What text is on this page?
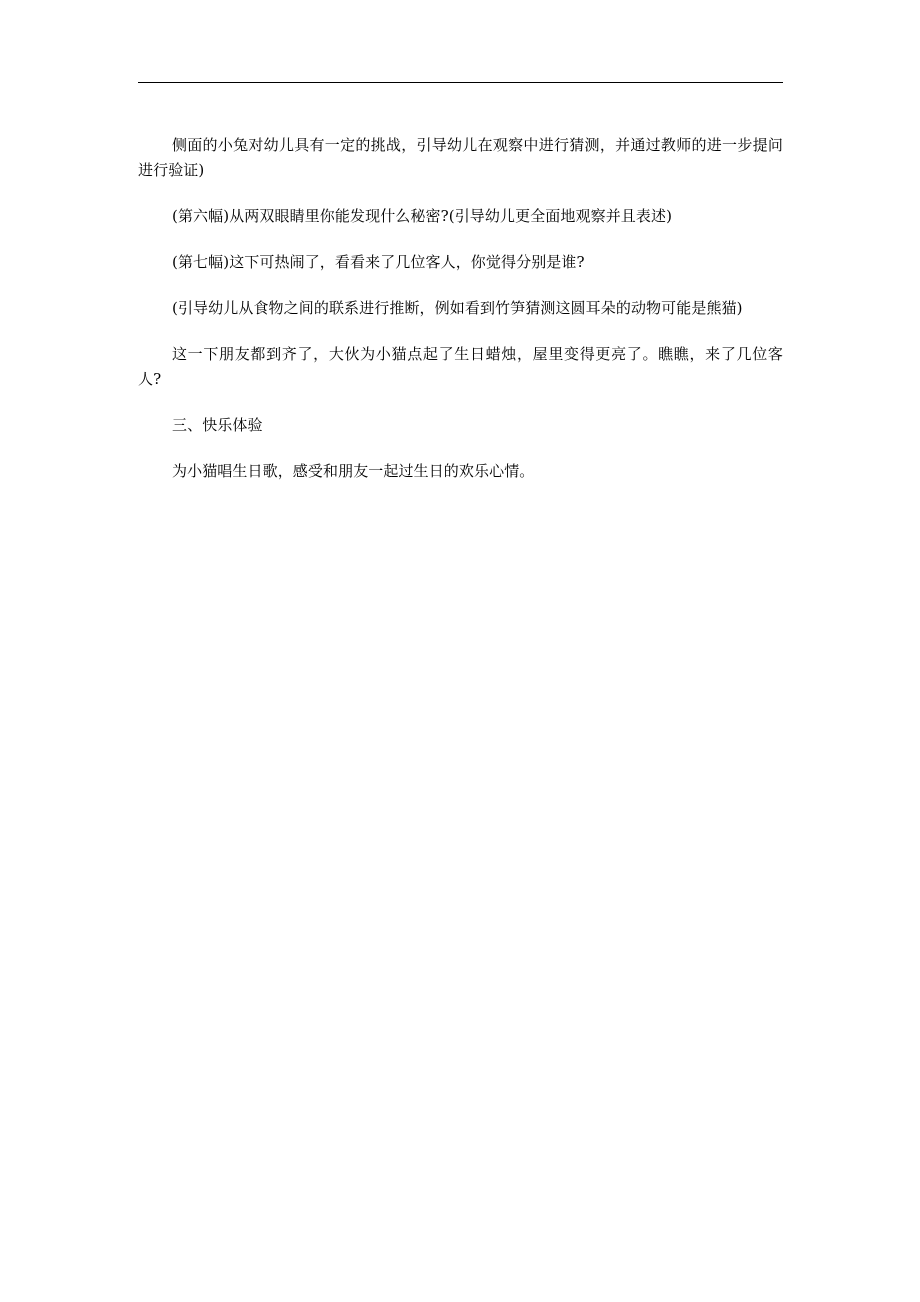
侧面的小兔对幼儿具有一定的挑战，引导幼儿在观察中进行猜测，并通过教师的进一步提问进行验证)

(第六幅)从两双眼睛里你能发现什么秘密?(引导幼儿更全面地观察并且表述)

(第七幅)这下可热闹了，看看来了几位客人，你觉得分别是谁?

(引导幼儿从食物之间的联系进行推断，例如看到竹笋猜测这圆耳朵的动物可能是熊猫)

这一下朋友都到齐了，大伙为小猫点起了生日蜡烛，屋里变得更亮了。瞧瞧，来了几位客人?

三、快乐体验

为小猫唱生日歌，感受和朋友一起过生日的欢乐心情。
